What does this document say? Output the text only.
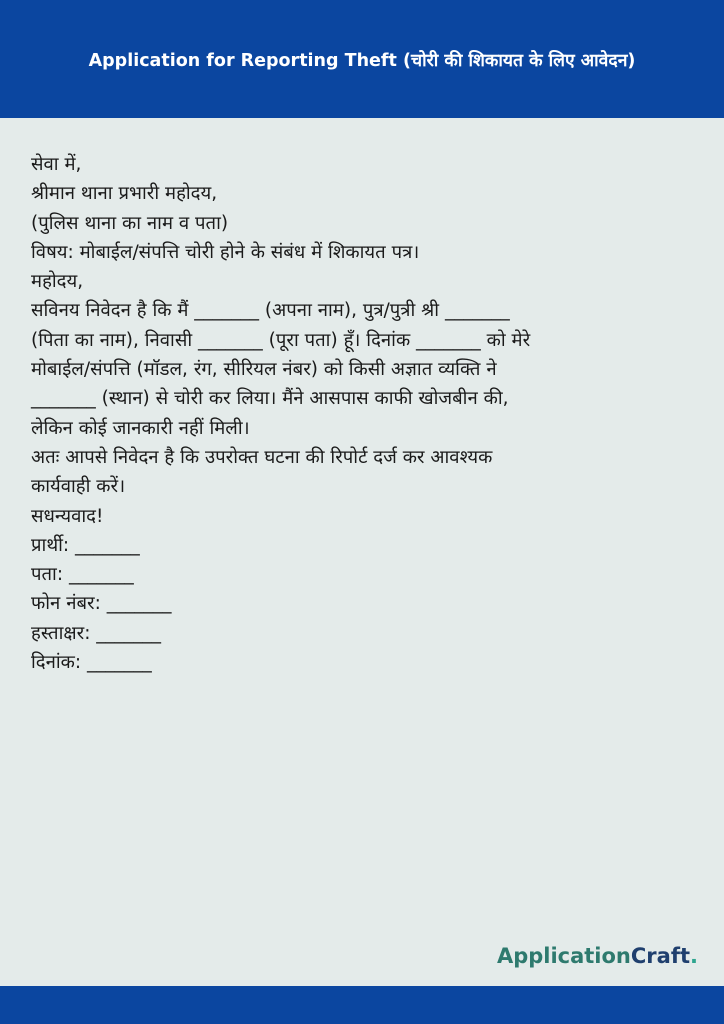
Application for Reporting Theft (चोरी की शिकायत के लिए आवेदन)
सेवा में,
श्रीमान थाना प्रभारी महोदय,
(पुलिस थाना का नाम व पता)
विषय: मोबाईल/संपत्ति चोरी होने के संबंध में शिकायत पत्र।
महोदय,
सविनय निवेदन है कि मैं _______ (अपना नाम), पुत्र/पुत्री श्री _______
(पिता का नाम), निवासी _______ (पूरा पता) हूँ। दिनांक _______ को मेरे
मोबाईल/संपत्ति (मॉडल, रंग, सीरियल नंबर) को किसी अज्ञात व्यक्ति ने
_______ (स्थान) से चोरी कर लिया। मैंने आसपास काफी खोजबीन की,
लेकिन कोई जानकारी नहीं मिली।
अतः आपसे निवेदन है कि उपरोक्त घटना की रिपोर्ट दर्ज कर आवश्यक
कार्यवाही करें।
सधन्यवाद!
प्रार्थी: _______
पता: _______
फोन नंबर: _______
हस्ताक्षर: _______
दिनांक: _______
ApplicationCraft.
